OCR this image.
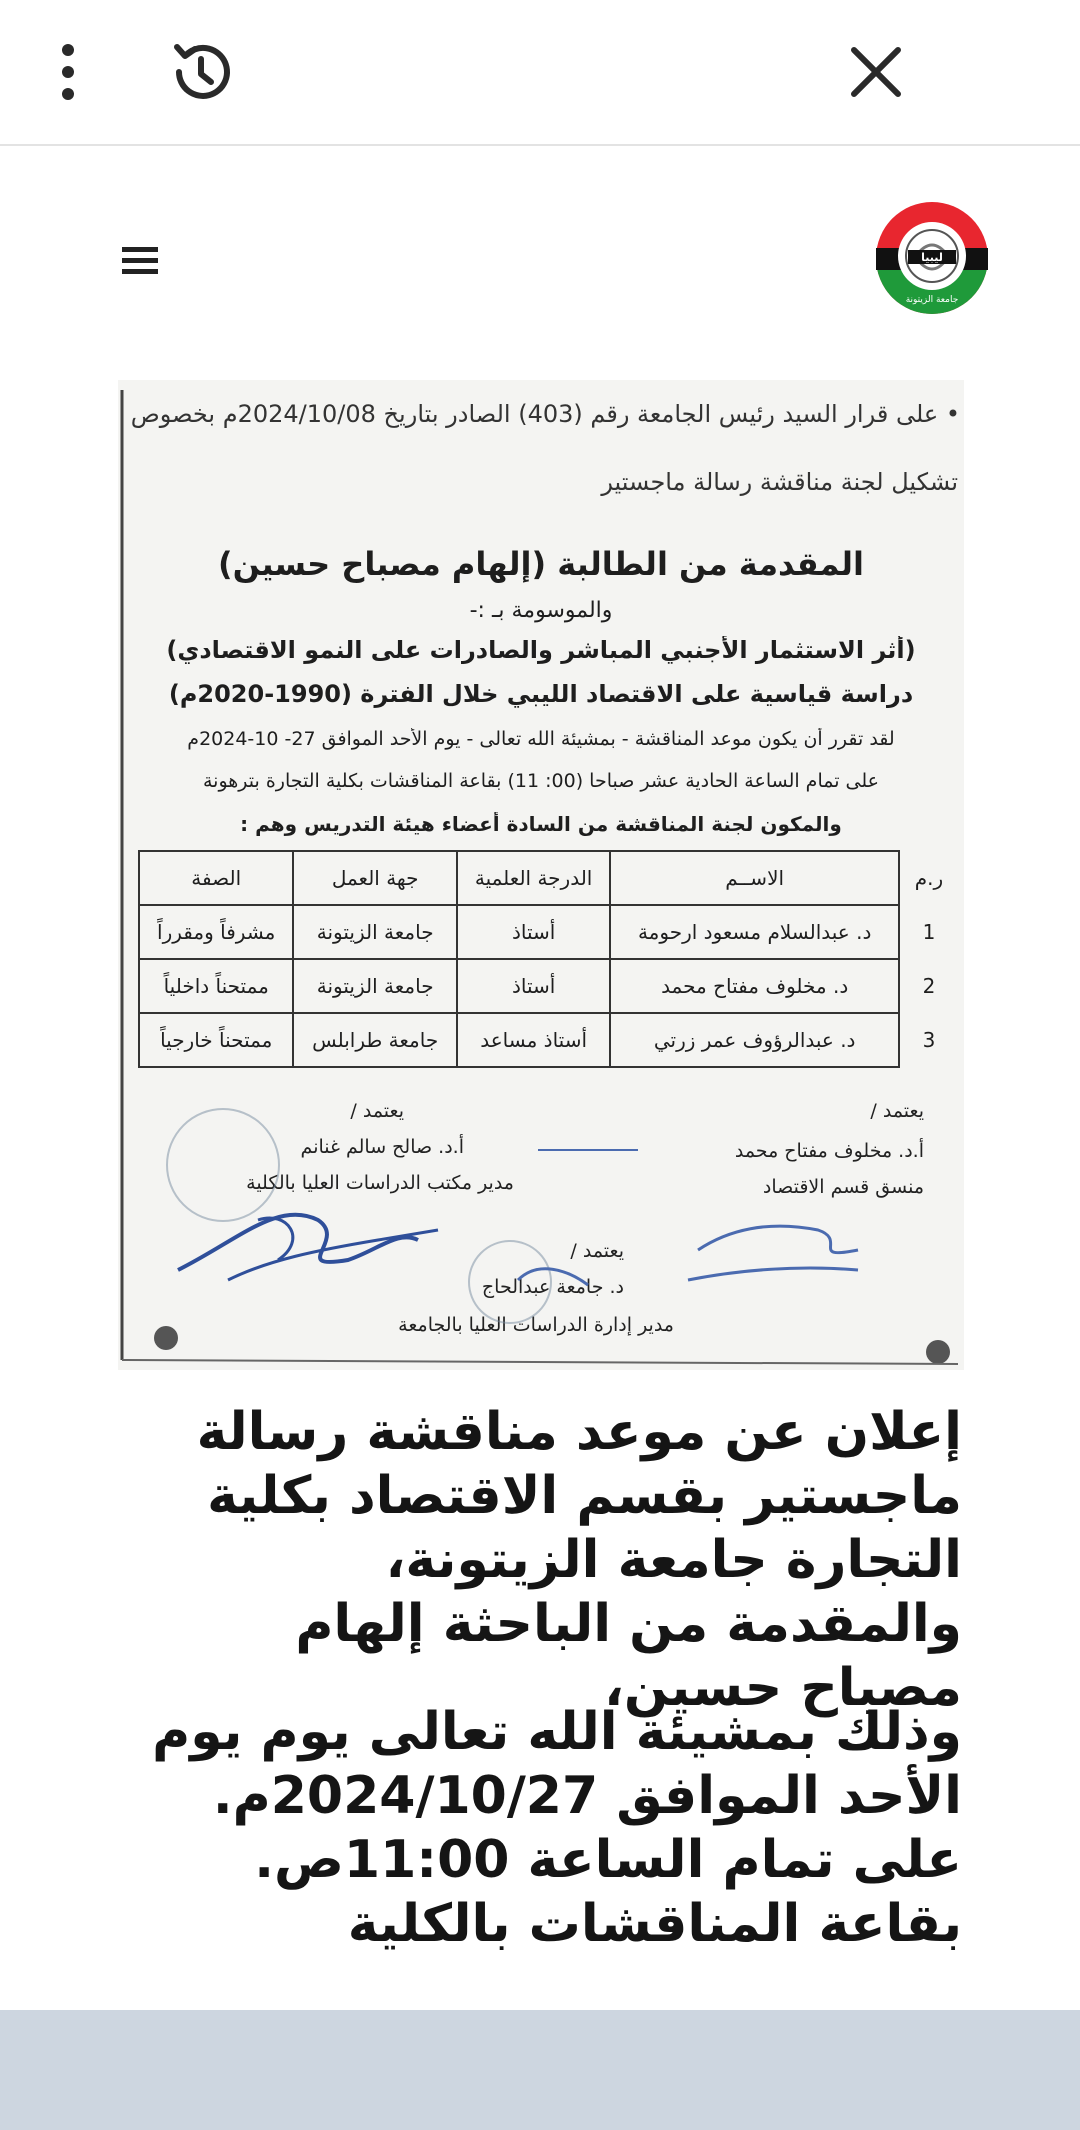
ليبيا
جامعة الزيتونة
• على قرار السيد رئيس الجامعة رقم (403) الصادر بتاريخ 2024/10/08م بخصوص
تشكيل لجنة مناقشة رسالة ماجستير
المقدمة من الطالبة (إلهام مصباح حسين)
والموسومة بـ :-
(أثر الاستثمار الأجنبي المباشر والصادرات على النمو الاقتصادي)
دراسة قياسية على الاقتصاد الليبي خلال الفترة (1990-2020م)
لقد تقرر أن يكون موعد المناقشة - بمشيئة الله تعالى - يوم الأحد الموافق 27- 10-2024م
على تمام الساعة الحادية عشر صباحا (00: 11) بقاعة المناقشات بكلية التجارة بترهونة
والمكون لجنة المناقشة من السادة أعضاء هيئة التدريس وهم :
ر.م	الاســم	الدرجة العلمية	جهة العمل	الصفة
1	د. عبدالسلام مسعود ارحومة	أستاذ	جامعة الزيتونة	مشرفاً ومقرراً
2	د. مخلوف مفتاح محمد	أستاذ	جامعة الزيتونة	ممتحناً داخلياً
3	د. عبدالرؤوف عمر زرتي	أستاذ مساعد	جامعة طرابلس	ممتحناً خارجياً
يعتمد /
أ.د. مخلوف مفتاح محمد
منسق قسم الاقتصاد
يعتمد /
أ.د. صالح سالم غنانم
مدير مكتب الدراسات العليا بالكلية
يعتمد /
د. جامعة عبدالحاج
مدير إدارة الدراسات العليا بالجامعة
إعلان عن موعد مناقشة رسالة ماجستير بقسم الاقتصاد بكلية التجارة جامعة الزيتونة، والمقدمة من الباحثة إلهام مصباح حسين،
وذلك بمشيئة الله تعالى يوم يوم الأحد الموافق 2024/10/27م. على تمام الساعة 11:00ص. بقاعة المناقشات بالكلية
